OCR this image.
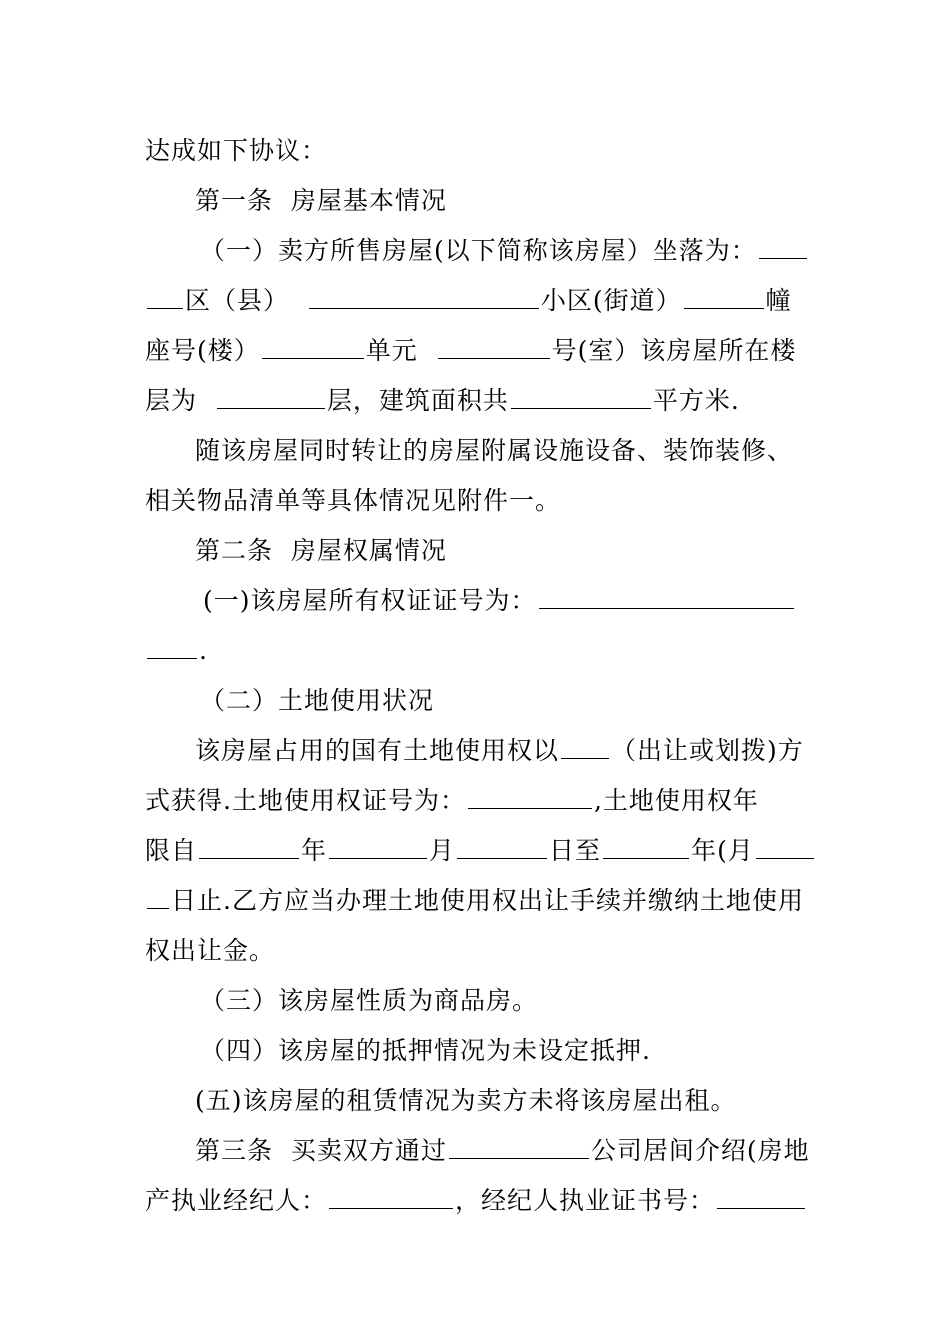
达成如下协议：
第一条  房屋基本情况
（一）卖方所售房屋(以下简称该房屋）坐落为：
区（县）	小区(街道）	幢
座号(楼）	单元	号(室）该房屋所在楼
层为	层，建筑面积共	平方米.
随该房屋同时转让的房屋附属设施设备、装饰装修、
相关物品清单等具体情况见附件一。
第二条  房屋权属情况
(一)该房屋所有权证证号为：
.
（二）土地使用状况
该房屋占用的国有土地使用权以 （出让或划拨)方
式获得.土地使用权证号为：	,土地使用权年
限自	年	月	日至	年(月
日止.乙方应当办理土地使用权出让手续并缴纳土地使用
权出让金。
（三）该房屋性质为商品房。
（四）该房屋的抵押情况为未设定抵押.
(五)该房屋的租赁情况为卖方未将该房屋出租。
第三条  买卖双方通过	公司居间介绍(房地
产执业经纪人：	，经纪人执业证书号：
